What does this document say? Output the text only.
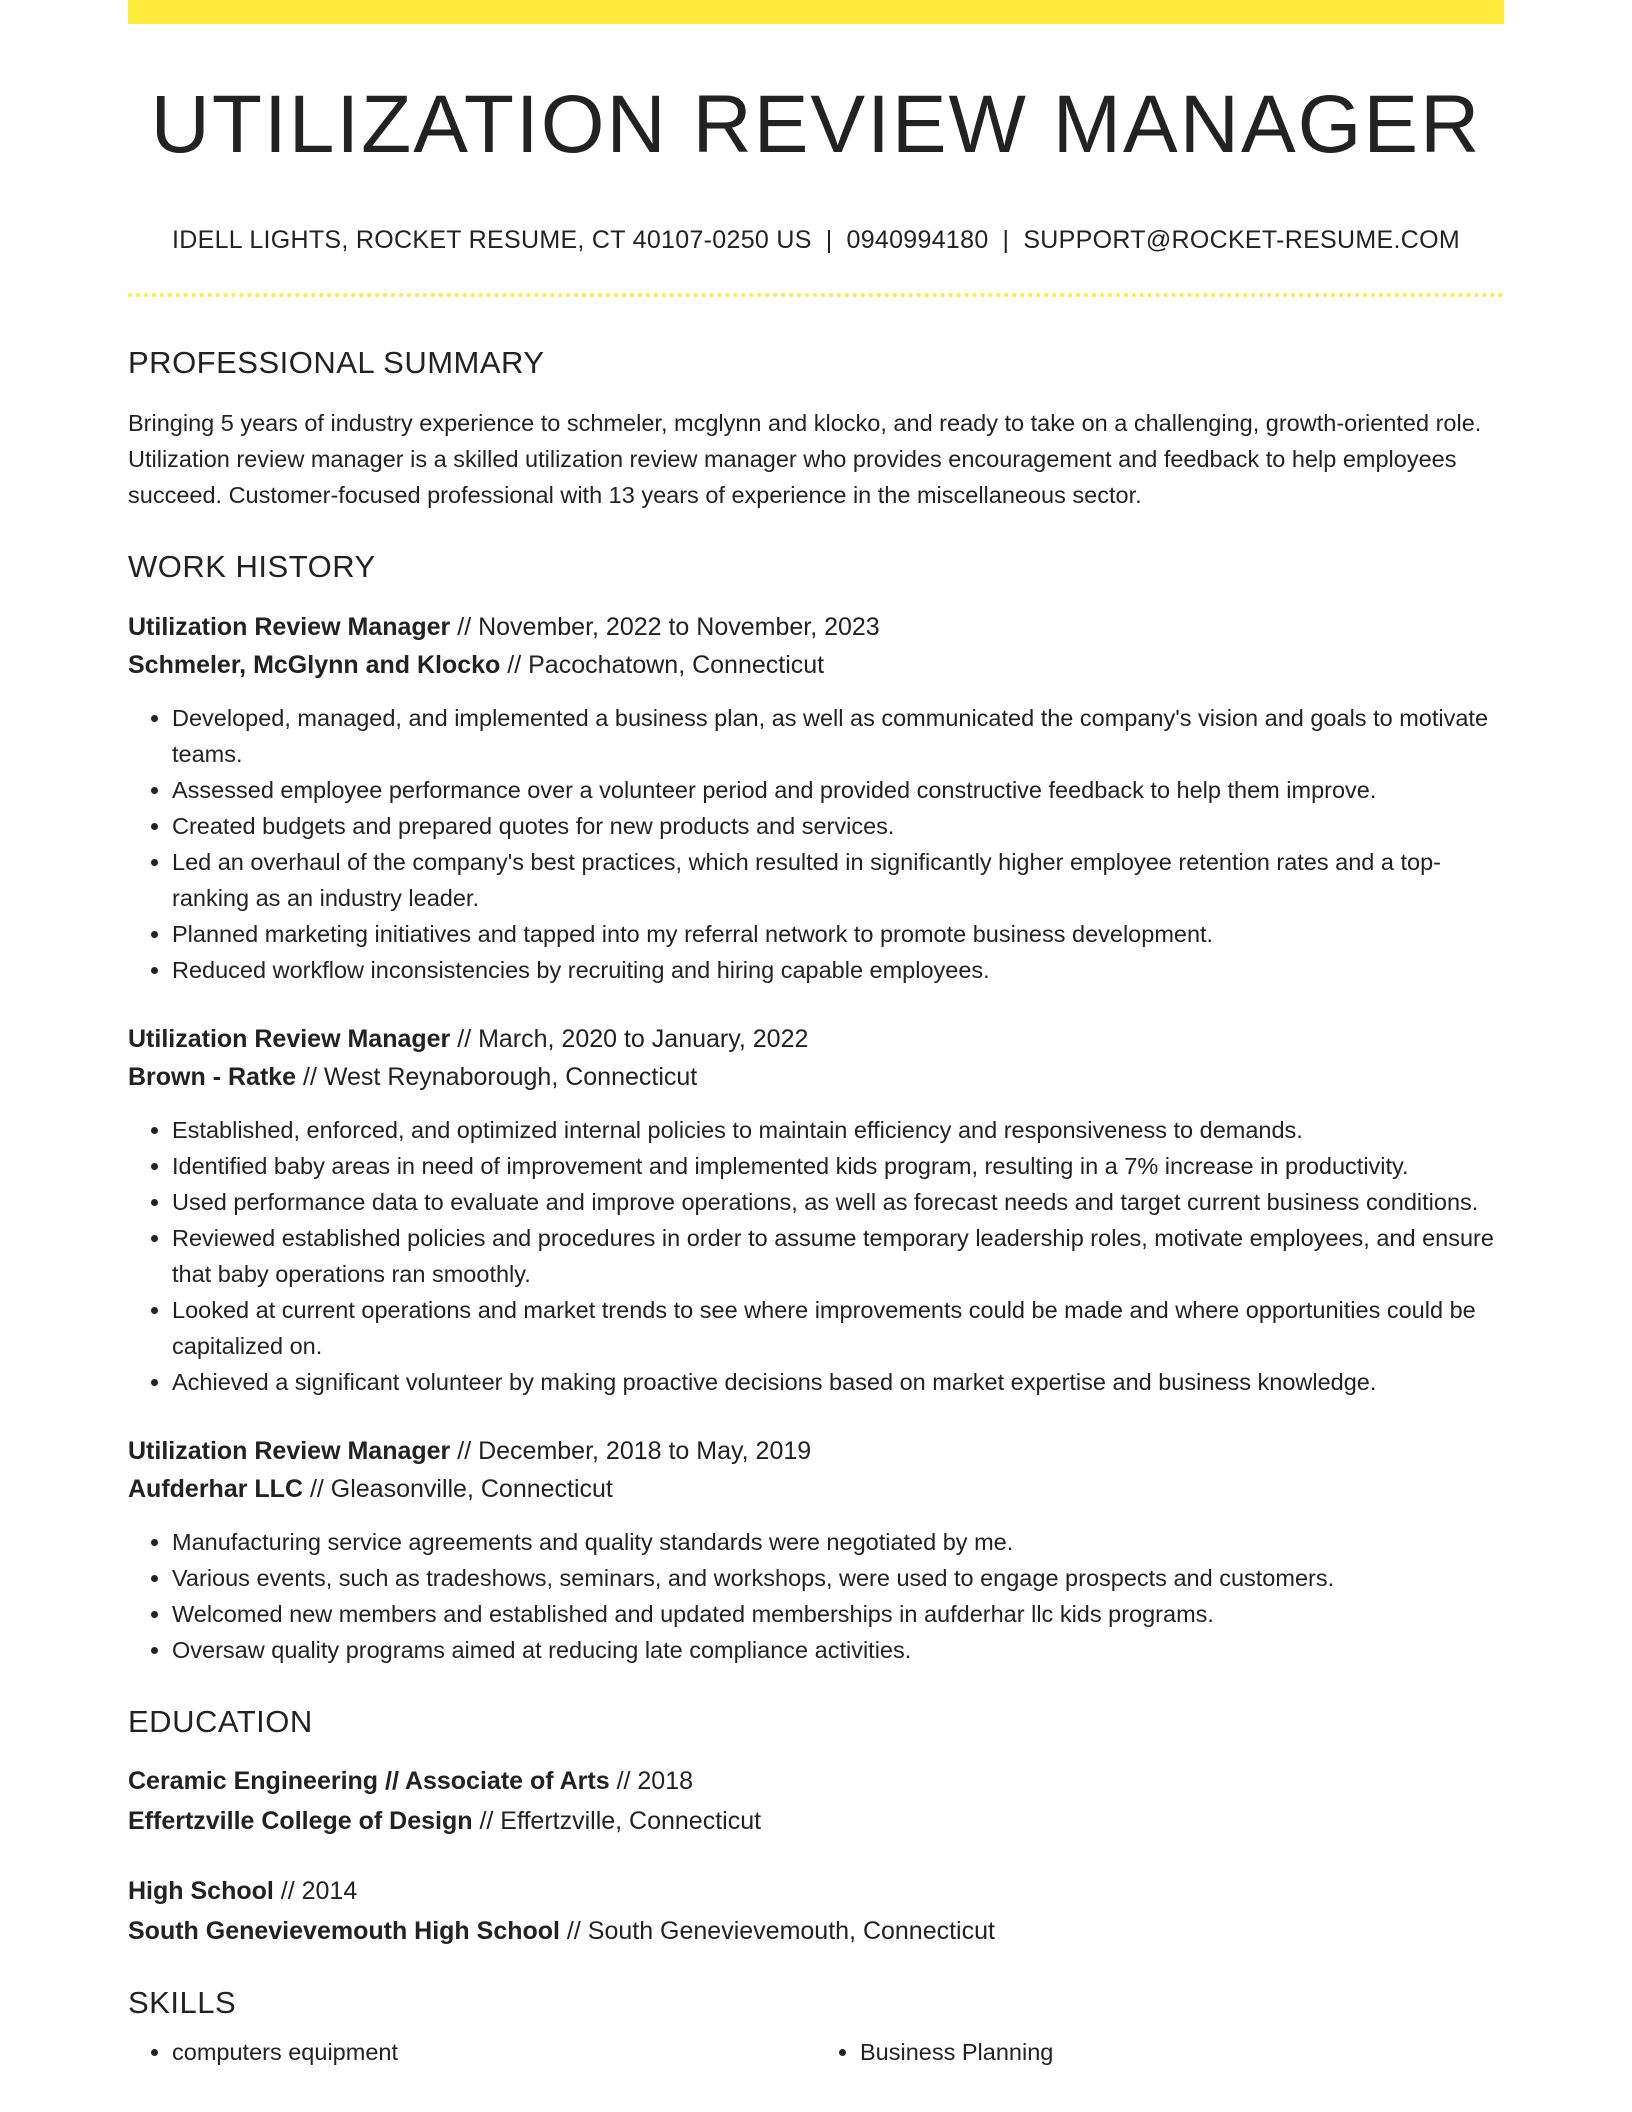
UTILIZATION REVIEW MANAGER
IDELL LIGHTS, ROCKET RESUME, CT 40107-0250 US | 0940994180 | SUPPORT@ROCKET-RESUME.COM
PROFESSIONAL SUMMARY

Bringing 5 years of industry experience to schmeler, mcglynn and klocko, and ready to take on a challenging, growth-oriented role. Utilization review manager is a skilled utilization review manager who provides encouragement and feedback to help employees succeed. Customer-focused professional with 13 years of experience in the miscellaneous sector.

WORK HISTORY
Utilization Review Manager // November, 2022 to November, 2023
Schmeler, McGlynn and Klocko // Pacochatown, Connecticut
• Developed, managed, and implemented a business plan, as well as communicated the company's vision and goals to motivate teams.
• Assessed employee performance over a volunteer period and provided constructive feedback to help them improve.
• Created budgets and prepared quotes for new products and services.
• Led an overhaul of the company's best practices, which resulted in significantly higher employee retention rates and a top-ranking as an industry leader.
• Planned marketing initiatives and tapped into my referral network to promote business development.
• Reduced workflow inconsistencies by recruiting and hiring capable employees.
Utilization Review Manager // March, 2020 to January, 2022
Brown - Ratke // West Reynaborough, Connecticut
• Established, enforced, and optimized internal policies to maintain efficiency and responsiveness to demands.
• Identified baby areas in need of improvement and implemented kids program, resulting in a 7% increase in productivity.
• Used performance data to evaluate and improve operations, as well as forecast needs and target current business conditions.
• Reviewed established policies and procedures in order to assume temporary leadership roles, motivate employees, and ensure that baby operations ran smoothly.
• Looked at current operations and market trends to see where improvements could be made and where opportunities could be capitalized on.
• Achieved a significant volunteer by making proactive decisions based on market expertise and business knowledge.
Utilization Review Manager // December, 2018 to May, 2019
Aufderhar LLC // Gleasonville, Connecticut
• Manufacturing service agreements and quality standards were negotiated by me.
• Various events, such as tradeshows, seminars, and workshops, were used to engage prospects and customers.
• Welcomed new members and established and updated memberships in aufderhar llc kids programs.
• Oversaw quality programs aimed at reducing late compliance activities.
EDUCATION
Ceramic Engineering // Associate of Arts // 2018
Effertzville College of Design // Effertzville, Connecticut
High School // 2014
South Genevievemouth High School // South Genevievemouth, Connecticut
SKILLS
• computers equipment
•	Business Planning
